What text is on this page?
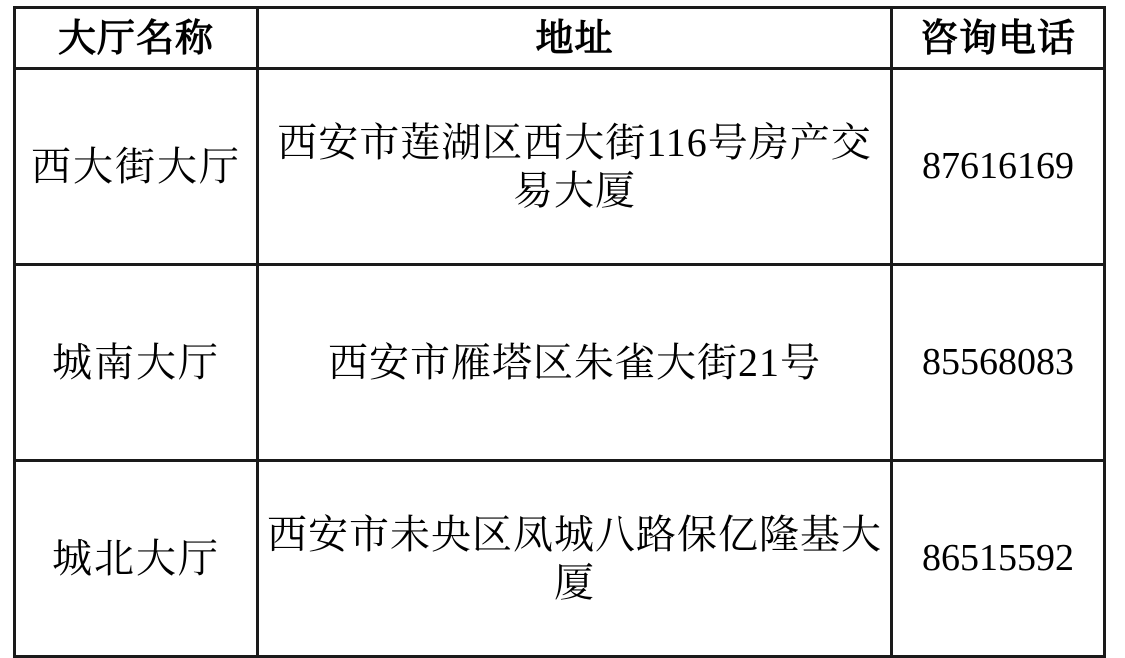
大厅名称	地址	咨询电话
西大街大厅	西安市莲湖区西大街116号房产交易大厦	87616169
城南大厅	西安市雁塔区朱雀大街21号	85568083
城北大厅	西安市未央区凤城八路保亿隆基大厦	86515592
